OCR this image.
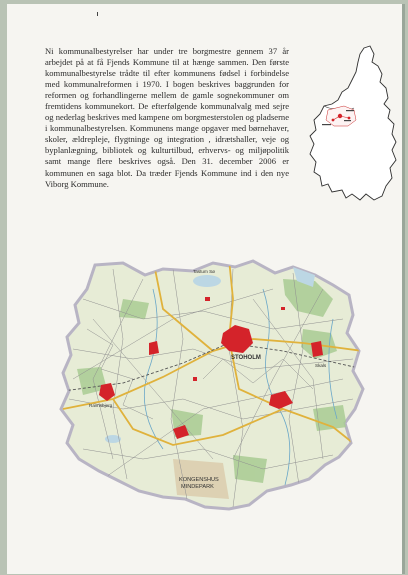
Ni kommunalbestyrelser har under tre borgmestre gennem 37 år arbejdet på at få Fjends Kommune til at hænge sammen. Den første kommunalbestyrelse trådte til efter kommunens fødsel i forbindelse med kommunalreformen i 1970. I bogen beskrives baggrunden for reformen og forhandlingerne mellem de gamle sognekommuner om fremtidens kommunekort. De efterfølgende kommunalvalg med sejre og nederlag beskrives med kampene om borgmesterstolen og pladserne i kommunalbestyrelsen. Kommunens mange opgaver med børnehaver, skoler, ældrepleje, flygtninge og integration , idrætshaller, veje og byplanlægning, bibliotek og kulturtilbud, erhvervs- og miljøpolitik samt mange flere beskrives også. Den 31. december 2006 er kommunen en saga blot. Da træder Fjends Kommune ind i den nye Viborg Kommune.

STOHOLM
Tastum Sø
Skals
Ravnsbjerg
KONGENSHUS
MINDEPARK
